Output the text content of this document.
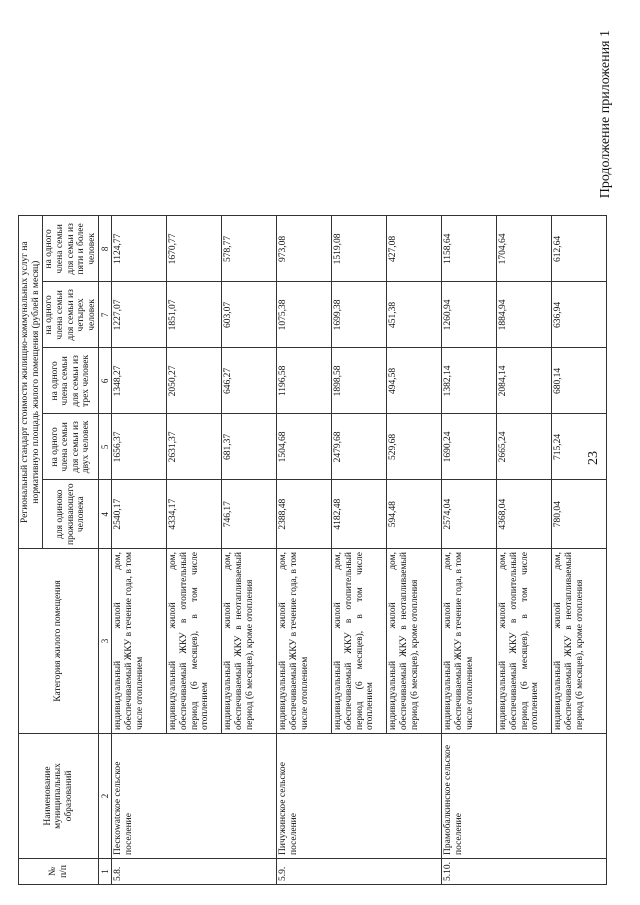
23
Продолжение приложения 1
№ п/п	Наименование муниципальных образований	Категория жилого помещения	Региональный стандарт стоимости жилищно-коммунальных услуг на нормативную площадь жилого помещения (рублей в месяц)				
			для одиноко проживающего человека	на одного члена семьи для семьи из двух человек	на одного члена семьи для семьи из трех человек	на одного члена семьи для семьи из четырех человек	на одного члена семьи для семьи из пяти и более человек
1	2	3	4	5	6	7	8
5.8.	Пескowatское сельское поселение	индивидуальный жилой дом, обеспечиваемый ЖКУ в течение года, в том числе отоплением	2540,17	1656,37	1348,27	1227,07	1124,77
		индивидуальный жилой дом, обеспечиваемый ЖКУ в отопительный период (6 месяцев), в том числе отоплением	4334,17	2631,37	2050,27	1851,07	1670,77
		индивидуальный жилой дом, обеспечиваемый ЖКУ в неотапливаемый период (6 месяцев), кроме отопления	746,17	681,37	646,27	603,07	578,77
5.9.	Пичужинское сельское поселение	индивидуальный жилой дом, обеспечиваемый ЖКУ в течение года, в том числе отоплением	2388,48	1504,68	1196,58	1075,38	973,08
		индивидуальный жилой дом, обеспечиваемый ЖКУ в отопительный период (6 месяцев), в том числе отоплением	4182,48	2479,68	1898,58	1699,38	1519,08
		индивидуальный жилой дом, обеспечиваемый ЖКУ в неотапливаемый период (6 месяцев), кроме отопления	594,48	529,68	494,58	451,38	427,08
5.10.	Прамобалкинское сельское поселение	индивидуальный жилой дом, обеспечиваемый ЖКУ в течение года, в том числе отоплением	2574,04	1690,24	1382,14	1260,94	1158,64
		индивидуальный жилой дом, обеспечиваемый ЖКУ в отопительный период (6 месяцев), в том числе отоплением	4368,04	2665,24	2084,14	1884,94	1704,64
		индивидуальный жилой дом, обеспечиваемый ЖКУ в неотапливаемый период (6 месяцев), кроме отопления	780,04	715,24	680,14	636,94	612,64
